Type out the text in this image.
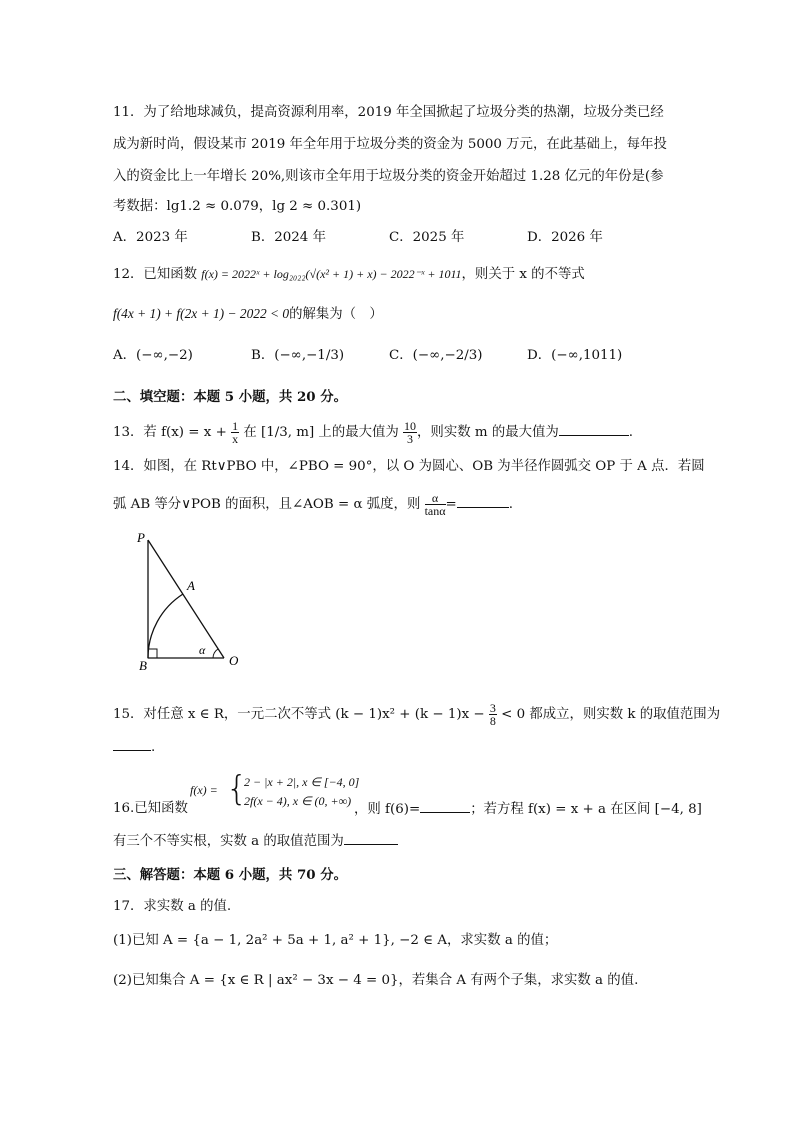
11．为了给地球减负，提高资源利用率，2019 年全国掀起了垃圾分类的热潮，垃圾分类已经
成为新时尚，假设某市 2019 年全年用于垃圾分类的资金为 5000 万元，在此基础上，每年投
入的资金比上一年增长 20%,则该市全年用于垃圾分类的资金开始超过 1.28 亿元的年份是(参
考数据：lg1.2 ≈ 0.079，lg 2 ≈ 0.301)
A．2023 年	B．2024 年	C．2025 年	D．2026 年
12．已知函数 f(x) = 2022ˣ + log₂₀₂₂(√(x² + 1) + x) − 2022⁻ˣ + 1011，则关于 x 的不等式
f(4x + 1) + f(2x + 1) − 2022 < 0的解集为（　）
A．(−∞,−2)	B．(−∞,−1/3)	C．(−∞,−2/3)	D．(−∞,1011)
二、填空题：本题 5 小题，共 20 分。
13．若 $f(x) = x + \frac{1}{x}$ 在 [1/3, m] 上的最大值为 $\frac{10}{3}$ ，则实数 m 的最大值为	.
14．如图，在 Rt∨PBO 中，∠PBO = 90°，以 O 为圆心、OB 为半径作圆弧交 OP 于 A 点．若圆
弧 AB 等分∨POB 的面积，且∠AOB = α 弧度，则 $\frac{\alpha}{\tan\alpha}$ =	.
P
A
B	O
α
15．对任意 x ∈ R，一元二次不等式 $(k - 1)x^2 + (k - 1)x - \frac{3}{8} < 0$ 都成立，则实数 k 的取值范围为
.
16.已知函数
f(x) = {
2 − |x + 2|, x ∈ [−4, 0]
2f(x − 4), x ∈ (0, +∞)
，则 f(6)=	；若方程 f(x) = x + a 在区间 [−4, 8]
有三个不等实根，实数 a 的取值范围为
三、解答题：本题 6 小题，共 70 分。
17．求实数 a 的值.
(1)已知 A = {a − 1, 2a² + 5a + 1, a² + 1}, −2 ∈ A，求实数 a 的值；
(2)已知集合 A = {x ∈ R | ax² − 3x − 4 = 0}，若集合 A 有两个子集，求实数 a 的值.
